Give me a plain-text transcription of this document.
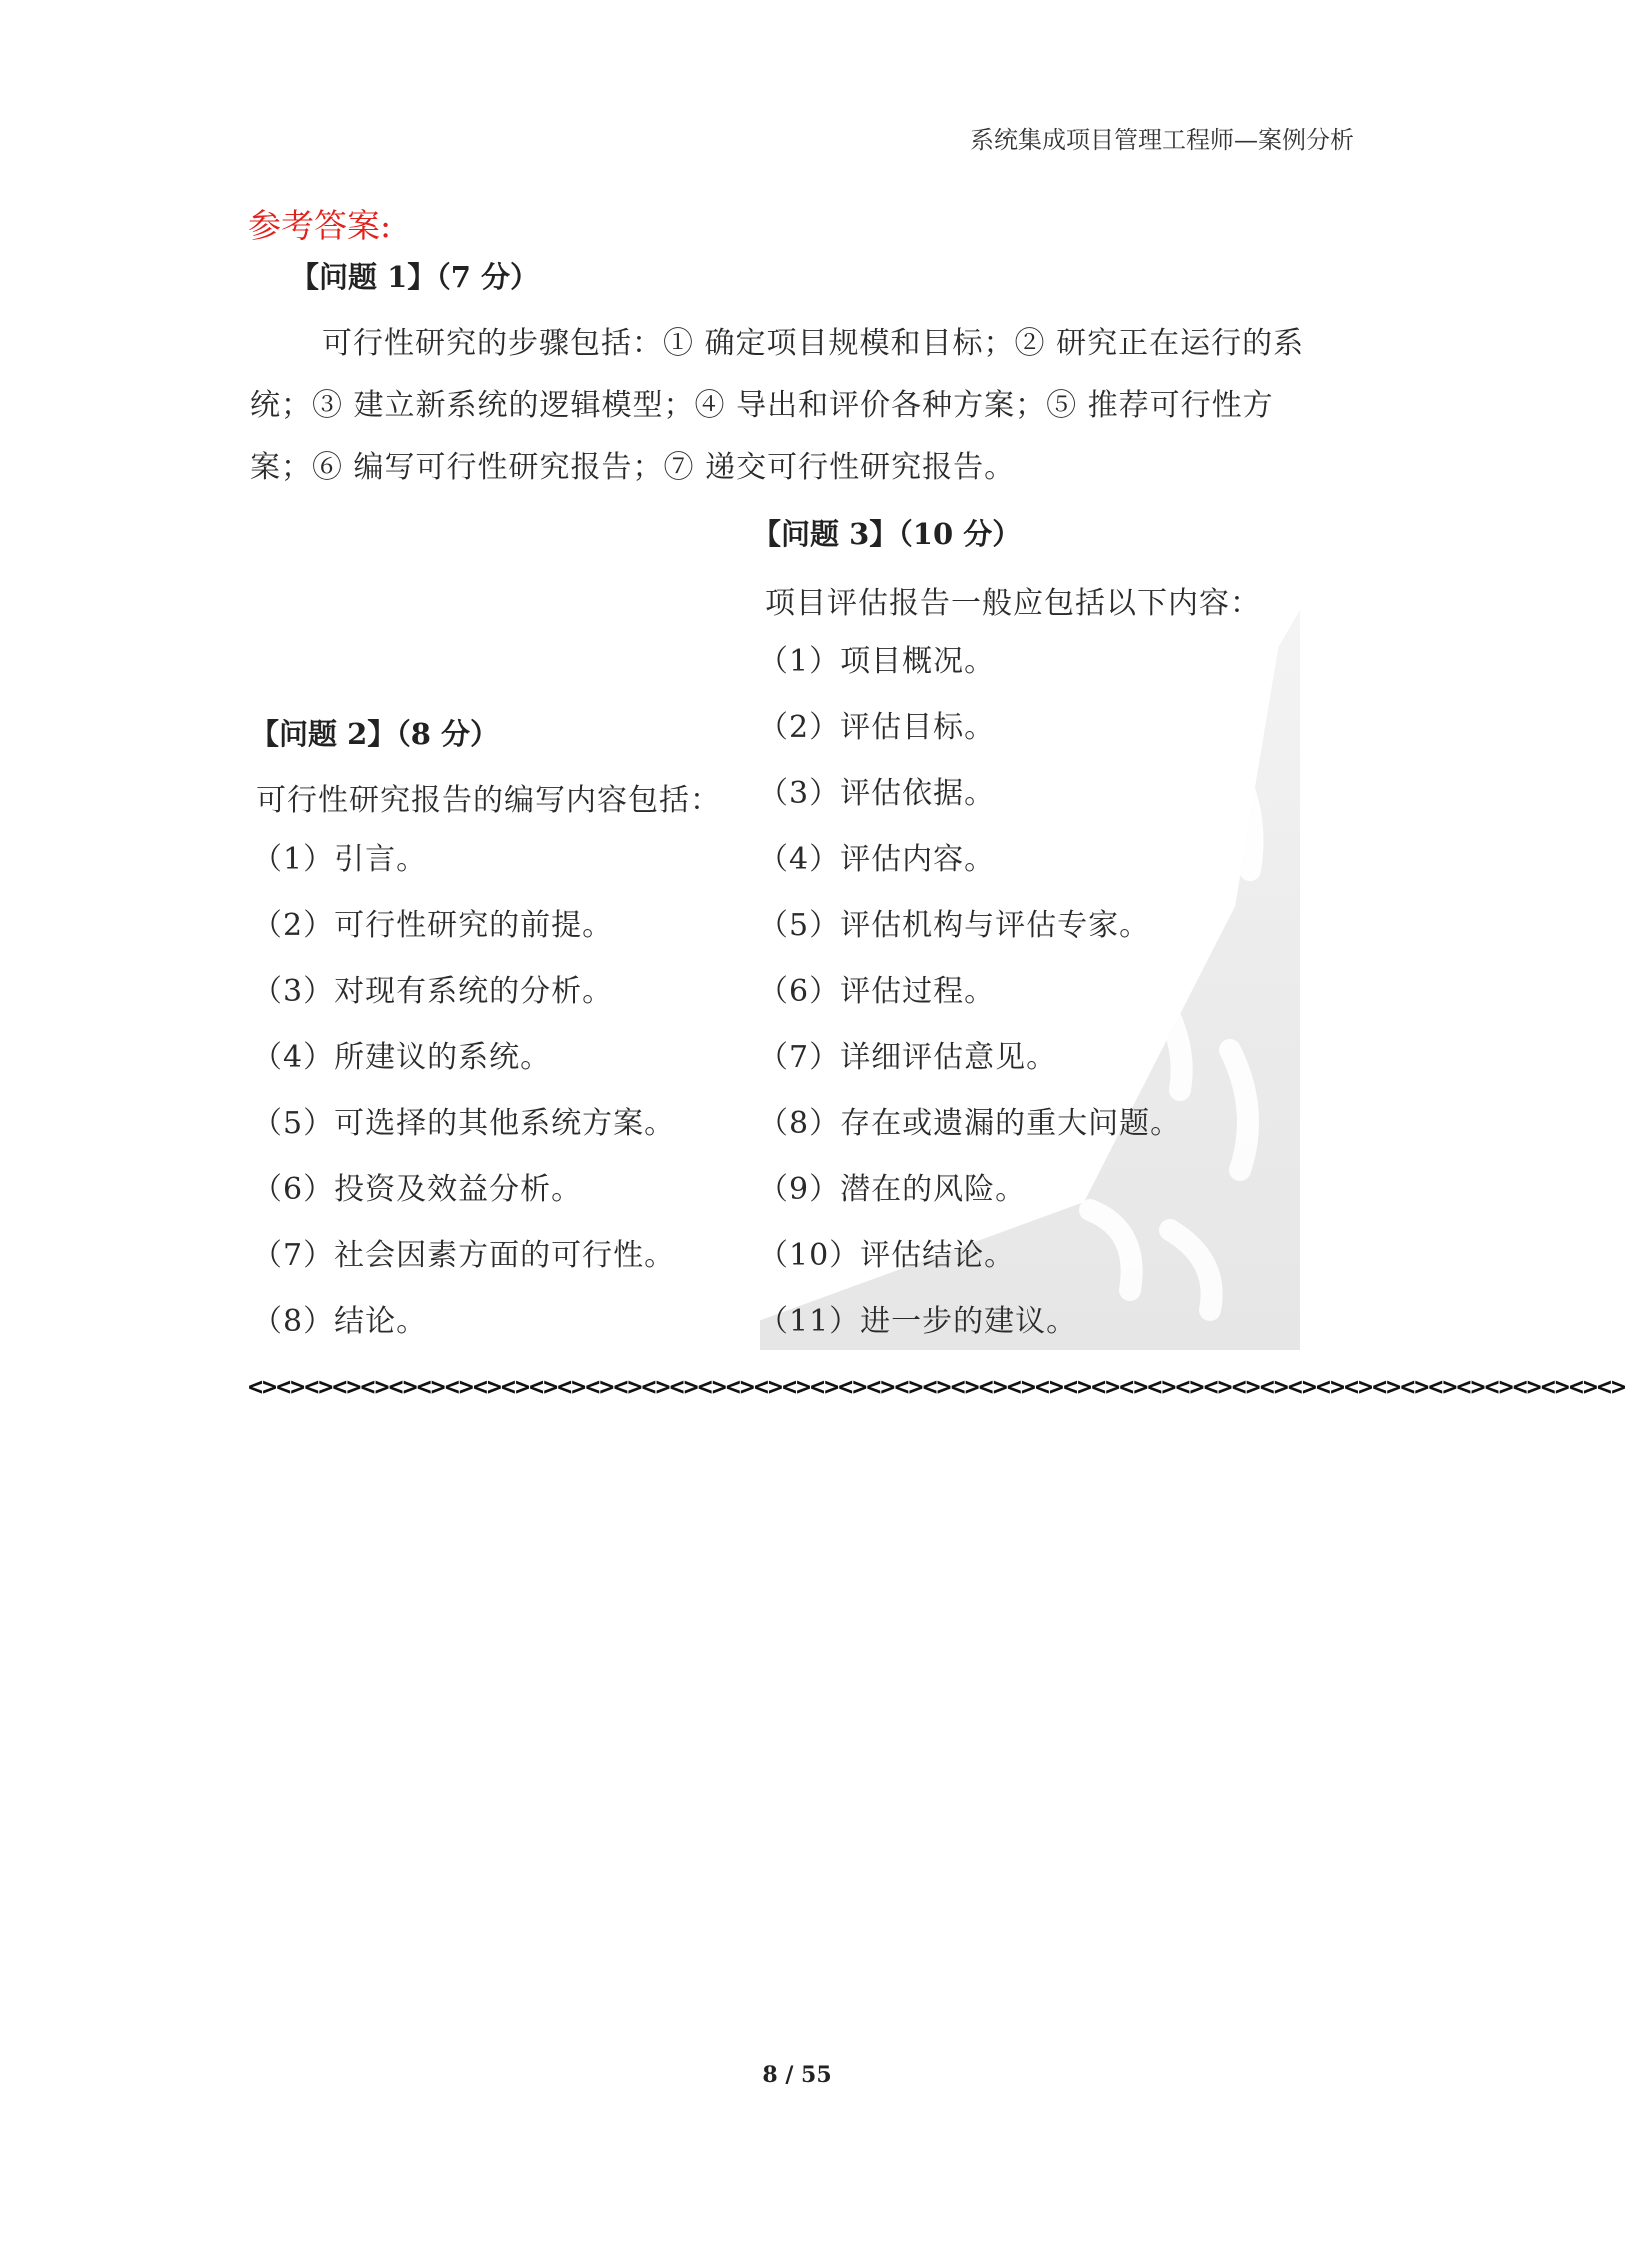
系统集成项目管理工程师—案例分析
参考答案:
【问题 1】（7 分）
可行性研究的步骤包括：① 确定项目规模和目标；② 研究正在运行的系
统；③ 建立新系统的逻辑模型；④ 导出和评价各种方案；⑤ 推荐可行性方
案；⑥ 编写可行性研究报告；⑦ 递交可行性研究报告。
【问题 3】（10 分）
项目评估报告一般应包括以下内容：
（1）项目概况。
（2）评估目标。
（3）评估依据。
（4）评估内容。
（5）评估机构与评估专家。
（6）评估过程。
（7）详细评估意见。
（8）存在或遗漏的重大问题。
（9）潜在的风险。
（10）评估结论。
（11）进一步的建议。
【问题 2】（8 分）
可行性研究报告的编写内容包括：
（1）引言。
（2）可行性研究的前提。
（3）对现有系统的分析。
（4）所建议的系统。
（5）可选择的其他系统方案。
（6）投资及效益分析。
（7）社会因素方面的可行性。
（8）结论。
<><><><><><><><><><><><><><><><><><><><><><><><><><><><><><><><><><><><><><><><><><><><><><><><><>
8 / 55
